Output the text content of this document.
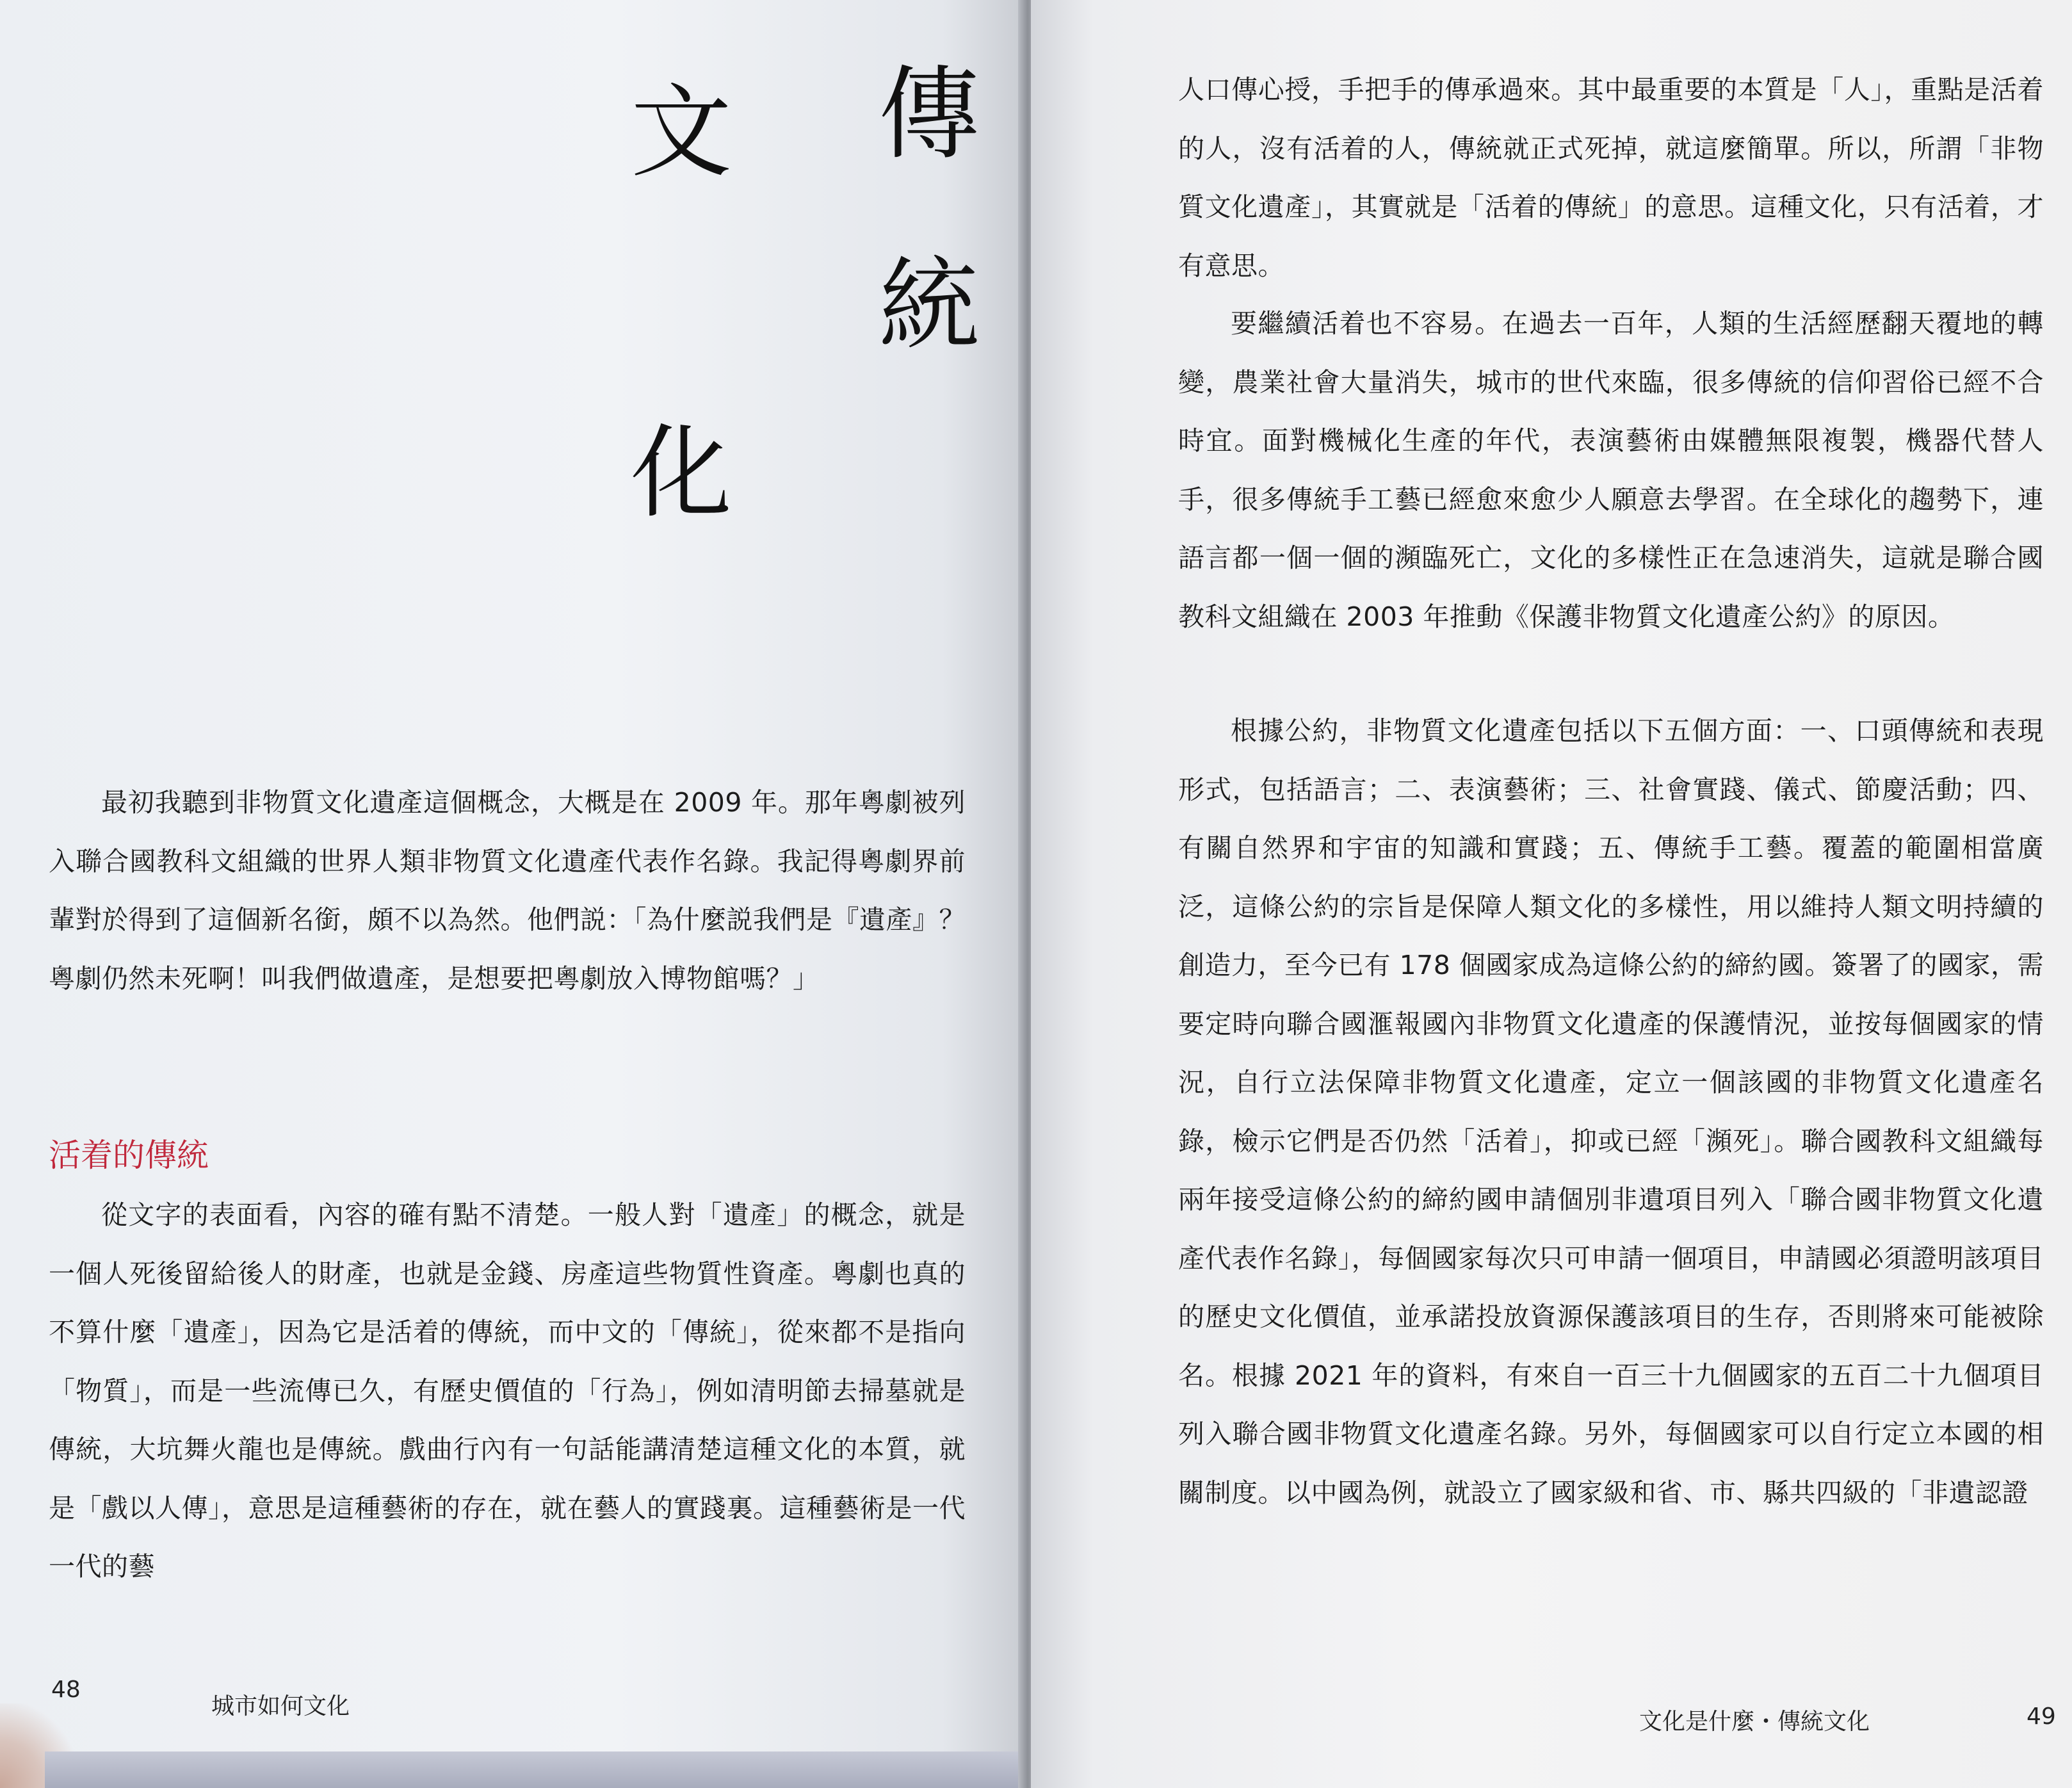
傳
統
文
化

最初我聽到非物質文化遺產這個概念，大概是在 2009 年。那年粵劇被列入聯合國教科文組織的世界人類非物質文化遺產代表作名錄。我記得粵劇界前輩對於得到了這個新名銜，頗不以為然。他們説：「為什麼説我們是『遺產』？粵劇仍然未死啊！叫我們做遺產，是想要把粵劇放入博物館嗎？」

活着的傳統

從文字的表面看，內容的確有點不清楚。一般人對「遺產」的概念，就是一個人死後留給後人的財產，也就是金錢、房產這些物質性資產。粵劇也真的不算什麼「遺產」，因為它是活着的傳統，而中文的「傳統」，從來都不是指向「物質」，而是一些流傳已久，有歷史價值的「行為」，例如清明節去掃墓就是傳統，大坑舞火龍也是傳統。戲曲行內有一句話能講清楚這種文化的本質，就是「戲以人傳」，意思是這種藝術的存在，就在藝人的實踐裏。這種藝術是一代一代的藝

48
城市如何文化

人口傳心授，手把手的傳承過來。其中最重要的本質是「人」，重點是活着的人，沒有活着的人，傳統就正式死掉，就這麼簡單。所以，所謂「非物質文化遺產」，其實就是「活着的傳統」的意思。這種文化，只有活着，才有意思。

要繼續活着也不容易。在過去一百年，人類的生活經歷翻天覆地的轉變，農業社會大量消失，城市的世代來臨，很多傳統的信仰習俗已經不合時宜。面對機械化生產的年代，表演藝術由媒體無限複製，機器代替人手，很多傳統手工藝已經愈來愈少人願意去學習。在全球化的趨勢下，連語言都一個一個的瀕臨死亡，文化的多樣性正在急速消失，這就是聯合國教科文組織在 2003 年推動《保護非物質文化遺產公約》的原因。

根據公約，非物質文化遺產包括以下五個方面：一、口頭傳統和表現形式，包括語言；二、表演藝術；三、社會實踐、儀式、節慶活動；四、有關自然界和宇宙的知識和實踐；五、傳統手工藝。覆蓋的範圍相當廣泛，這條公約的宗旨是保障人類文化的多樣性，用以維持人類文明持續的創造力，至今已有 178 個國家成為這條公約的締約國。簽署了的國家，需要定時向聯合國滙報國內非物質文化遺產的保護情況，並按每個國家的情況，自行立法保障非物質文化遺產，定立一個該國的非物質文化遺產名錄，檢示它們是否仍然「活着」，抑或已經「瀕死」。聯合國教科文組織每兩年接受這條公約的締約國申請個別非遺項目列入「聯合國非物質文化遺產代表作名錄」，每個國家每次只可申請一個項目，申請國必須證明該項目的歷史文化價值，並承諾投放資源保護該項目的生存，否則將來可能被除名。根據 2021 年的資料，有來自一百三十九個國家的五百二十九個項目列入聯合國非物質文化遺產名錄。另外，每個國家可以自行定立本國的相關制度。以中國為例，就設立了國家級和省、市、縣共四級的「非遺認證

文化是什麼・傳統文化	49
